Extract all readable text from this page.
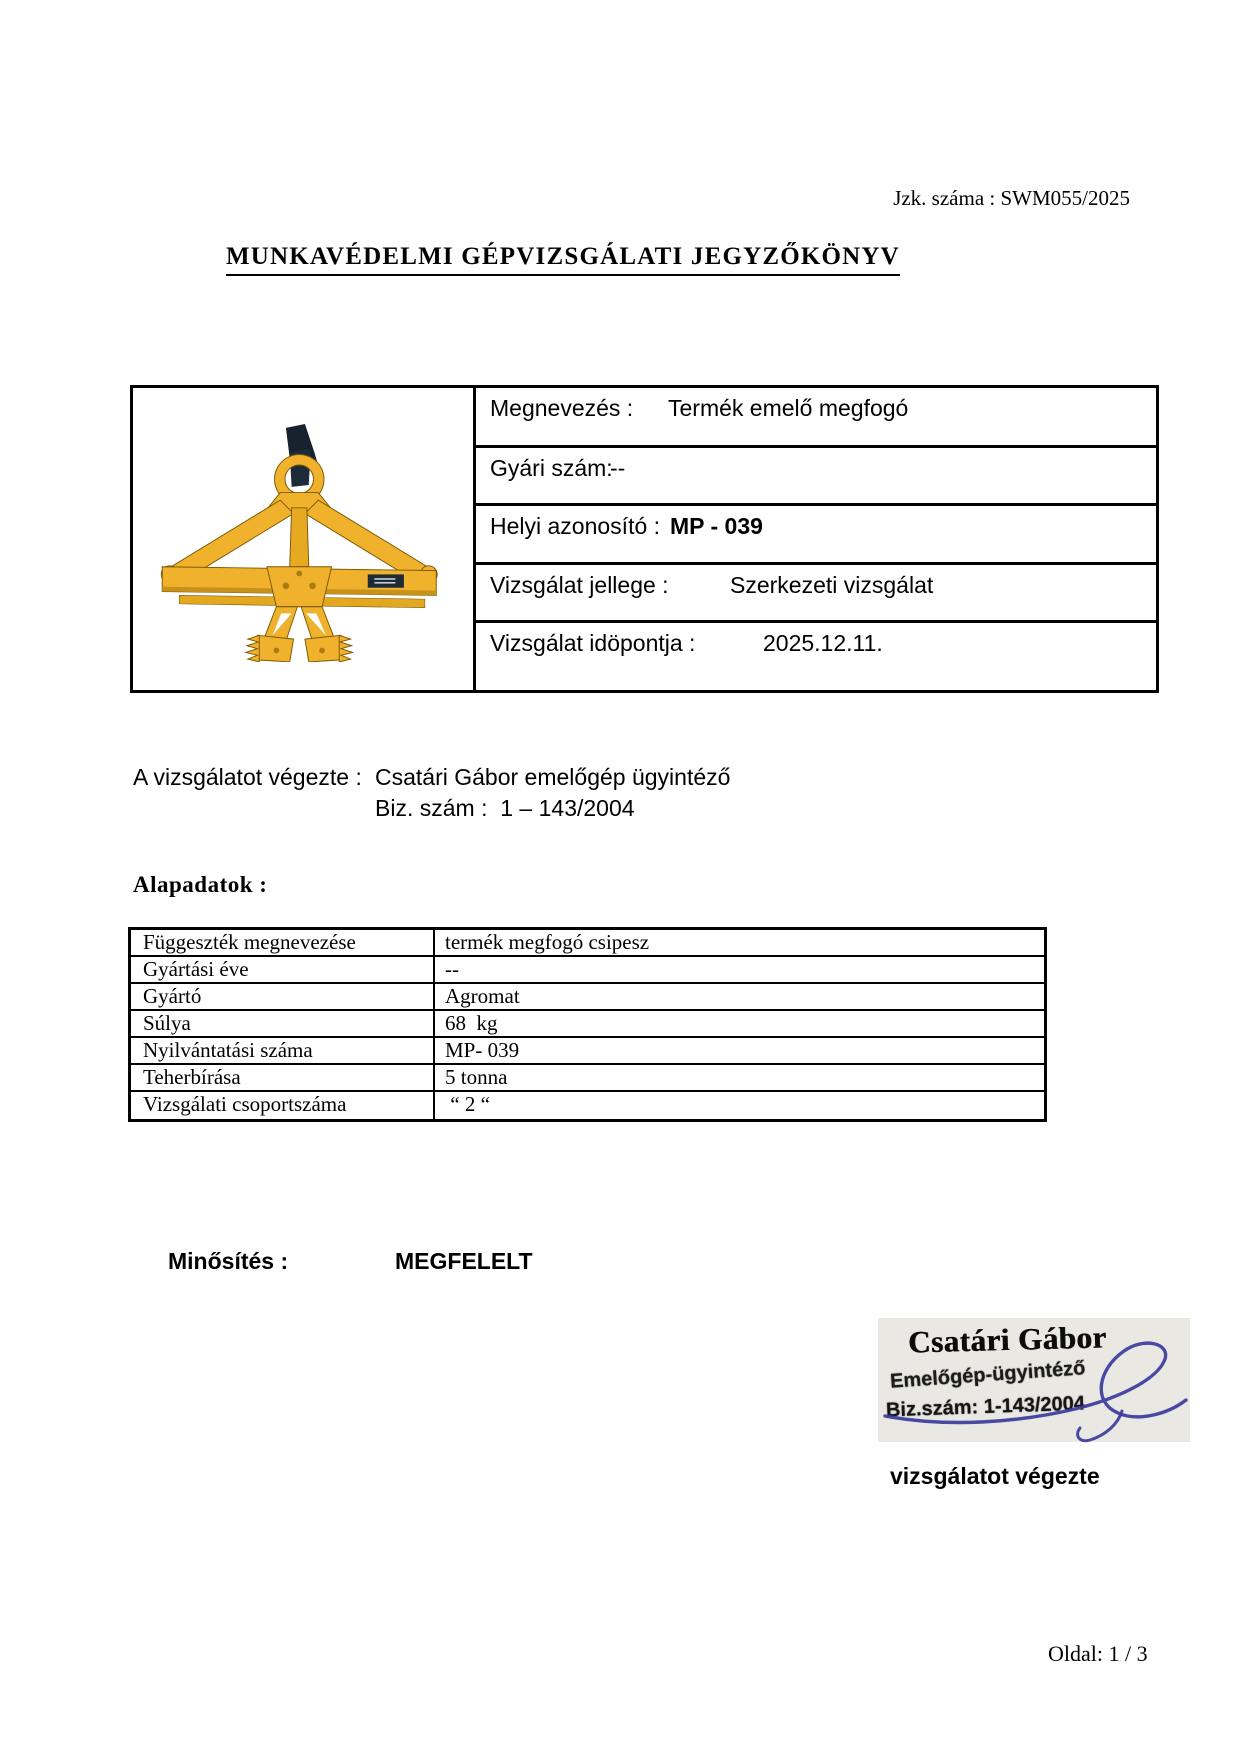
Jzk. száma : SWM055/2025
MUNKAVÉDELMI GÉPVIZSGÁLATI JEGYZŐKÖNYV
Megnevezés : Termék emelő megfogó
Gyári szám:--
Helyi azonosító : MP - 039
Vizsgálat jellege :	Szerkezeti vizsgálat
Vizsgálat idöpontja :	2025.12.11.
A vizsgálatot végezte : Csatári Gábor emelőgép ügyintéző
Biz. szám :  1 – 143/2004
Alapadatok :
Függeszték megnevezése	termék megfogó csipesz
Gyártási éve	--
Gyártó	Agromat
Súlya	68  kg
Nyilvántatási száma	MP- 039
Teherbírása	5 tonna
Vizsgálati csoportszáma	“ 2 “
Minősítés :	MEGFELELT
Csatári Gábor
Emelőgép-ügyintéző
Biz.szám: 1-143/2004
vizsgálatot végezte
Oldal: 1 / 3
